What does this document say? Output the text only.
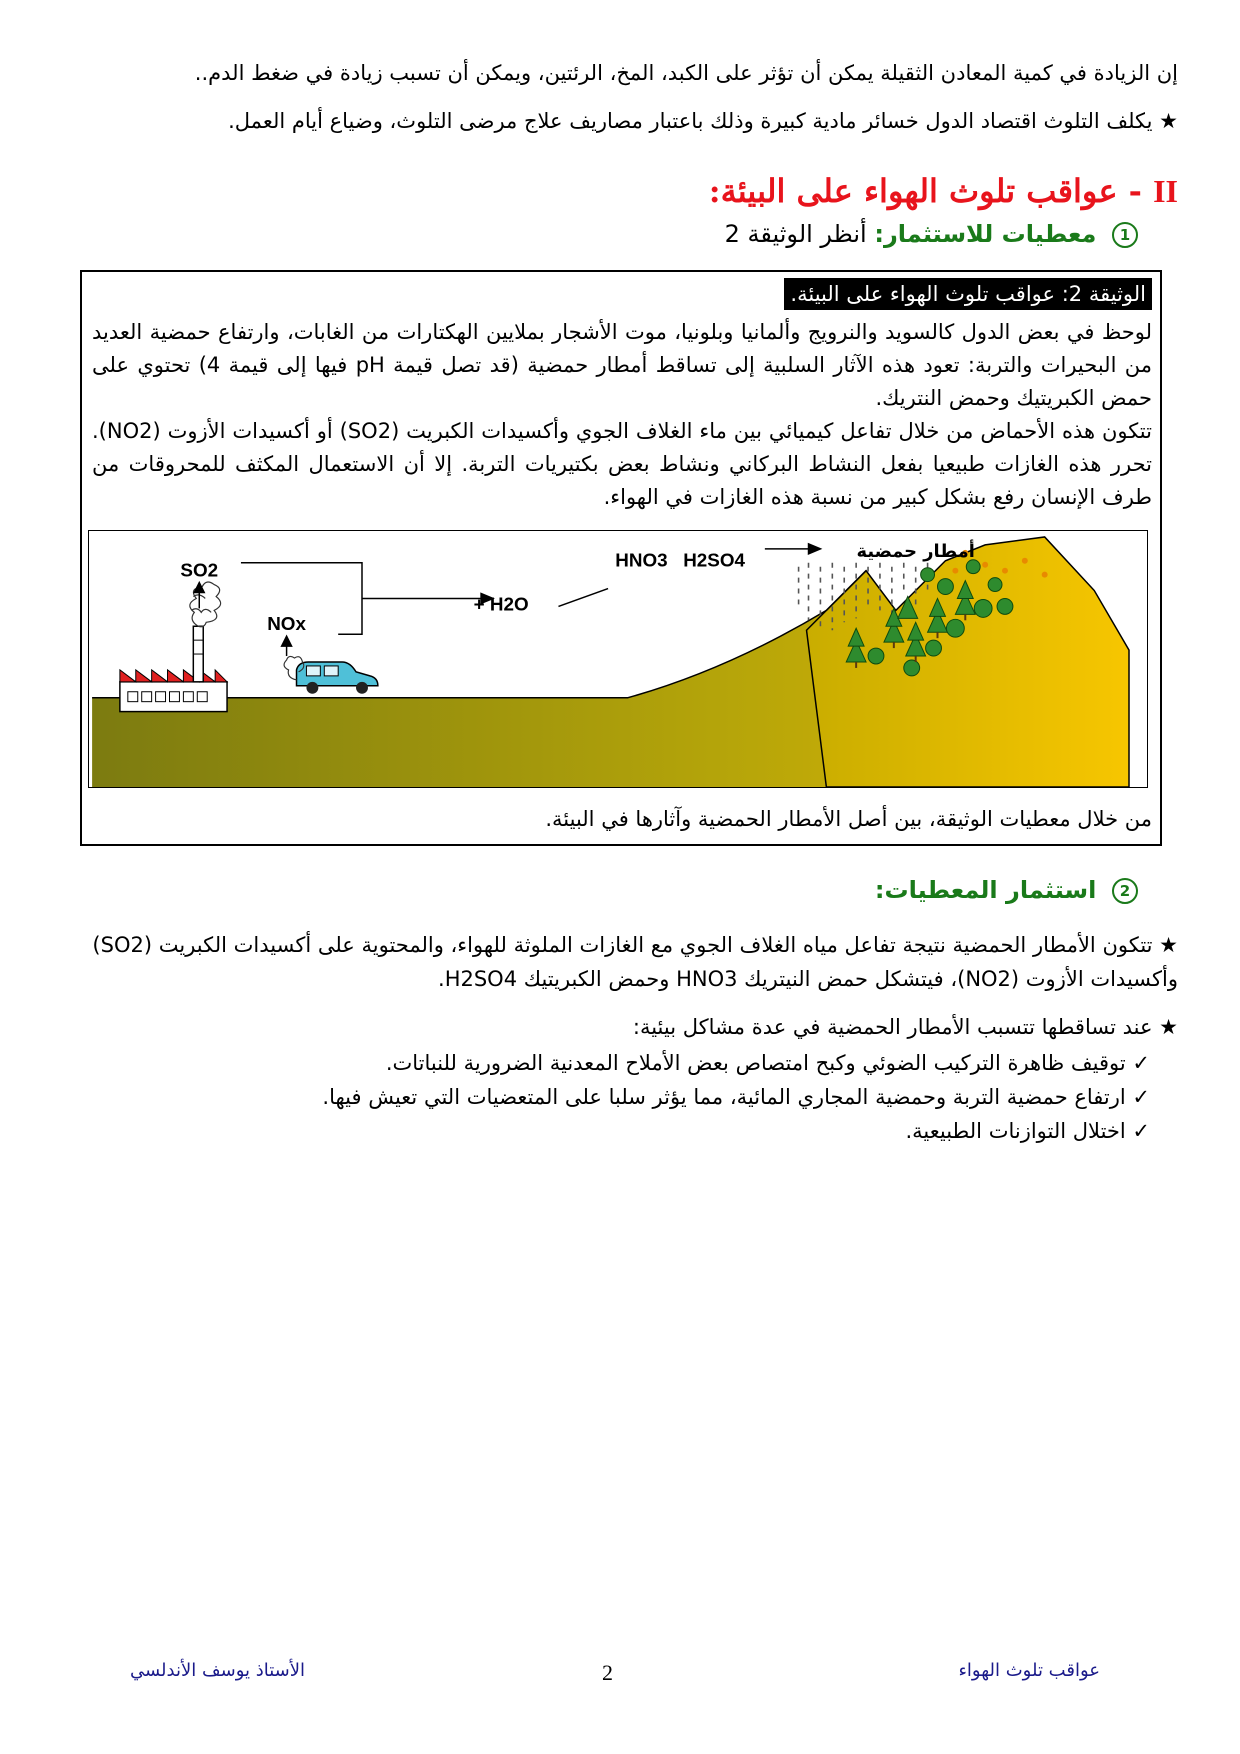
إن الزيادة في كمية المعادن الثقيلة يمكن أن تؤثر على الكبد، المخ، الرئتين، ويمكن أن تسبب زيادة في ضغط الدم..
★ يكلف التلوث اقتصاد الدول خسائر مادية كبيرة وذلك باعتبار مصاريف علاج مرضى التلوث، وضياع أيام العمل.
II - عواقب تلوث الهواء على البيئة:
1 معطيات للاستثمار: أنظر الوثيقة 2
الوثيقة 2: عواقب تلوث الهواء على البيئة.

لوحظ في بعض الدول كالسويد والنرويج وألمانيا وبلونيا، موت الأشجار بملايين الهكتارات من الغابات، وارتفاع حمضية العديد من البحيرات والتربة: تعود هذه الآثار السلبية إلى تساقط أمطار حمضية (قد تصل قيمة pH فيها إلى قيمة 4) تحتوي على حمض الكبريتيك وحمض النتريك.

تتكون هذه الأحماض من خلال تفاعل كيميائي بين ماء الغلاف الجوي وأكسيدات الكبريت (SO2) أو أكسيدات الأزوت (NO2). تحرر هذه الغازات طبيعيا بفعل النشاط البركاني ونشاط بعض بكتيريات التربة. إلا أن الاستعمال المكثف للمحروقات من طرف الإنسان رفع بشكل كبير من نسبة هذه الغازات في الهواء.

SO2
NOx
+ H2O
HNO3 H2SO4	أمطار حمضية
من خلال معطيات الوثيقة، بين أصل الأمطار الحمضية وآثارها في البيئة.
2 استثمار المعطيات:
★ تتكون الأمطار الحمضية نتيجة تفاعل مياه الغلاف الجوي مع الغازات الملوثة للهواء، والمحتوية على أكسيدات الكبريت (SO2) وأكسيدات الأزوت (NO2)، فيتشكل حمض النيتريك HNO3 وحمض الكبريتيك H2SO4.
★ عند تساقطها تتسبب الأمطار الحمضية في عدة مشاكل بيئية:
✓ توقيف ظاهرة التركيب الضوئي وكبح امتصاص بعض الأملاح المعدنية الضرورية للنباتات.
✓ ارتفاع حمضية التربة وحمضية المجاري المائية، مما يؤثر سلبا على المتعضيات التي تعيش فيها.
✓ اختلال التوازنات الطبيعية.
عواقب تلوث الهواء
2
الأستاذ يوسف الأندلسي
